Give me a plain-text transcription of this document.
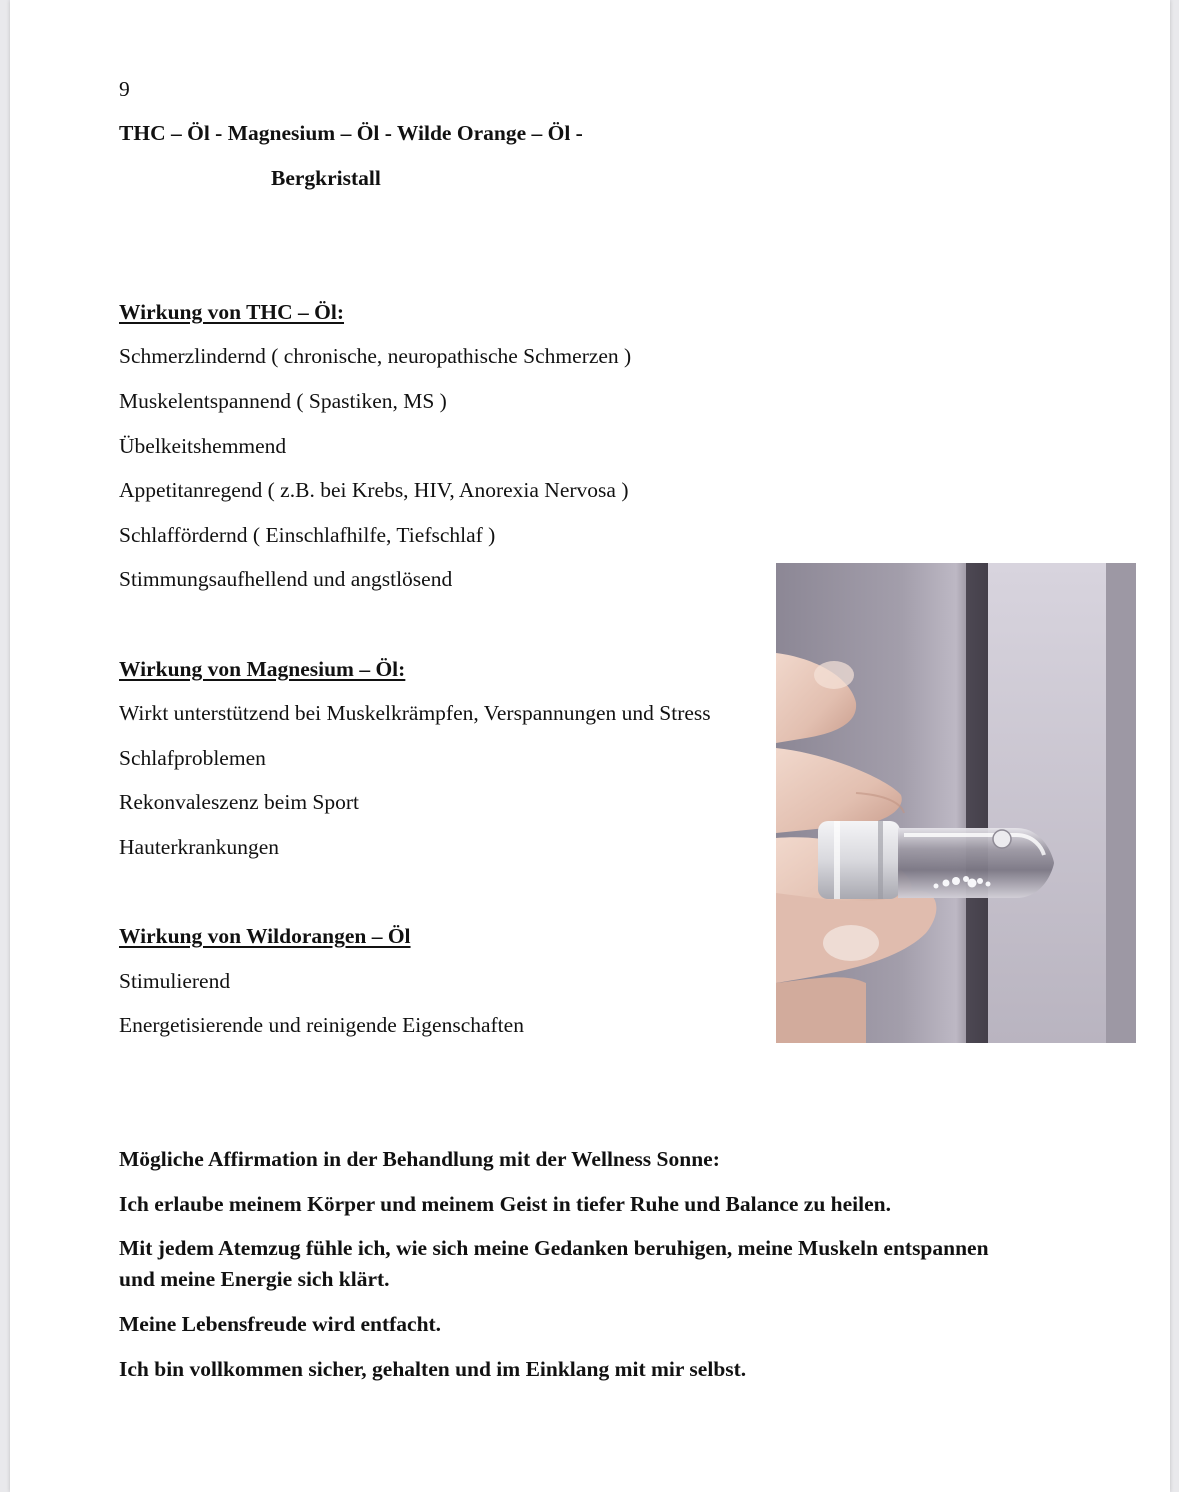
9
THC – Öl - Magnesium – Öl - Wilde Orange – Öl -
Bergkristall
Wirkung von THC – Öl:
Schmerzlindernd ( chronische, neuropathische Schmerzen )
Muskelentspannend ( Spastiken, MS )
Übelkeitshemmend
Appetitanregend ( z.B. bei Krebs, HIV, Anorexia Nervosa )
Schlaffördernd ( Einschlafhilfe, Tiefschlaf )
Stimmungsaufhellend und angstlösend
Wirkung von Magnesium – Öl:
Wirkt unterstützend bei Muskelkrämpfen, Verspannungen und Stress
Schlafproblemen
Rekonvaleszenz beim Sport
Hauterkrankungen
Wirkung von Wildorangen – Öl
Stimulierend
Energetisierende und reinigende Eigenschaften
Mögliche Affirmation in der Behandlung mit der Wellness Sonne:
Ich erlaube meinem Körper und meinem Geist in tiefer Ruhe und Balance zu heilen.
Mit jedem Atemzug fühle ich, wie sich meine Gedanken beruhigen, meine Muskeln entspannen und meine Energie sich klärt.
Meine Lebensfreude wird entfacht.
Ich bin vollkommen sicher, gehalten und im Einklang mit mir selbst.
